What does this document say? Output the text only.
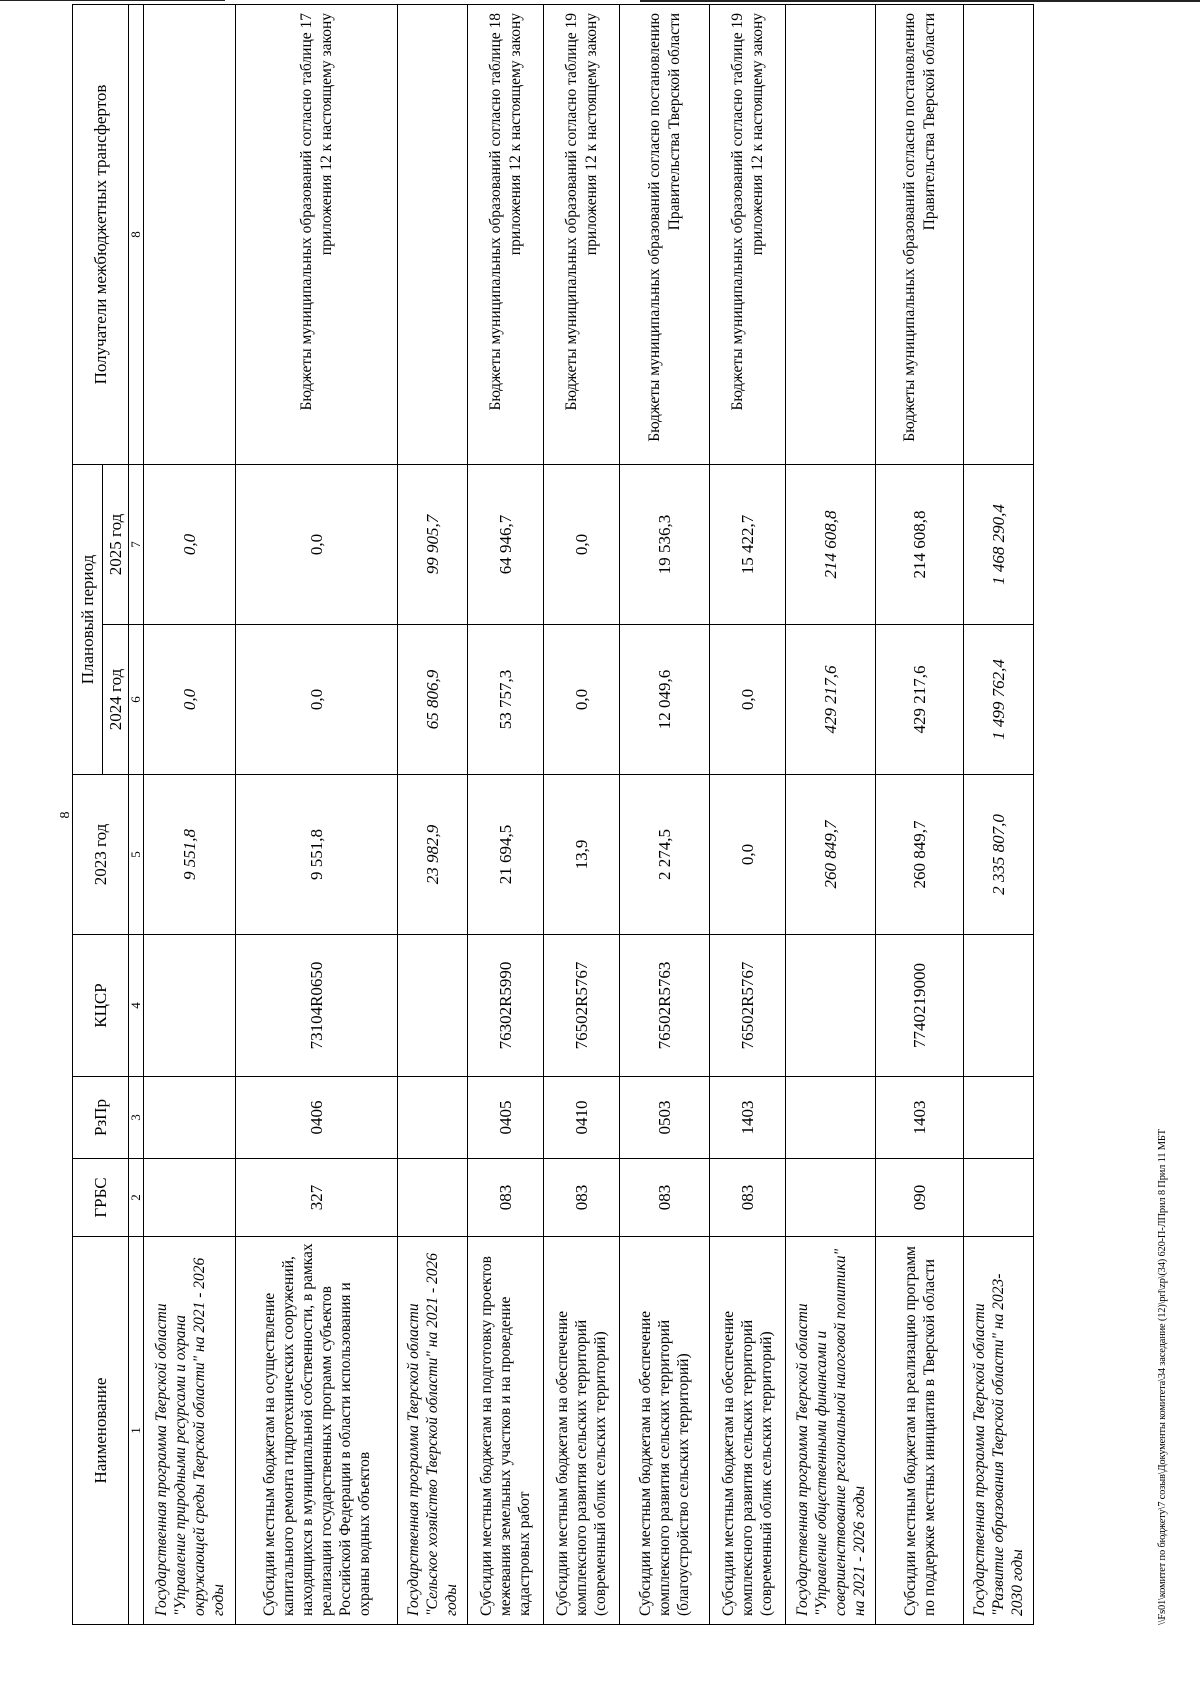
8
Наименование	ГРБС	РзПр	КЦСР	2023 год	Плановый период		Получатели межбюджетных трансфертов
					2024 год	2025 год	
1	2	3	4	5	6	7	8
Государственная программа Тверской области "Управление природными ресурсами и охрана окружающей среды Тверской области" на 2021 - 2026 годы				9 551,8	0,0	0,0	
Субсидии местным бюджетам на осуществление капитального ремонта гидротехнических сооружений, находящихся в муниципальной собственности, в рамках реализации государственных программ субъектов Российской Федерации в области использования и охраны водных объектов	327	0406	73104R0650	9 551,8	0,0	0,0	Бюджеты муниципальных образований согласно таблице 17 приложения 12 к настоящему закону
Государственная программа Тверской области "Сельское хозяйство Тверской области" на 2021 - 2026 годы				23 982,9	65 806,9	99 905,7	
Субсидии местным бюджетам на подготовку проектов межевания земельных участков и на проведение кадастровых работ	083	0405	76302R5990	21 694,5	53 757,3	64 946,7	Бюджеты муниципальных образований согласно таблице 18 приложения 12 к настоящему закону
Субсидии местным бюджетам на обеспечение комплексного развития сельских территорий (современный облик сельских территорий)	083	0410	76502R5767	13,9	0,0	0,0	Бюджеты муниципальных образований согласно таблице 19 приложения 12 к настоящему закону
Субсидии местным бюджетам на обеспечение комплексного развития сельских территорий (благоустройство сельских территорий)	083	0503	76502R5763	2 274,5	12 049,6	19 536,3	Бюджеты муниципальных образований согласно постановлению Правительства Тверской области
Субсидии местным бюджетам на обеспечение комплексного развития сельских территорий (современный облик сельских территорий)	083	1403	76502R5767	0,0	0,0	15 422,7	Бюджеты муниципальных образований согласно таблице 19 приложения 12 к настоящему закону
Государственная программа Тверской области "Управление общественными финансами и совершенствование региональной налоговой политики" на 2021 - 2026 годы				260 849,7	429 217,6	214 608,8	
Субсидии местным бюджетам на реализацию программ по поддержке местных инициатив в Тверской области	090	1403	7740219000	260 849,7	429 217,6	214 608,8	Бюджеты муниципальных образований согласно постановлению Правительства Тверской области
Государственная программа Тверской области "Развитие образования Тверской области" на 2023-2030 годы				2 335 807,0	1 499 762,4	1 468 290,4	
\\Fs01\комитет по бюджету\7 созыв\Документы комитета\34 заседание (12)\prl\zp\(34) 620-П-ЛПрил 8 Прил 11 МБТ
